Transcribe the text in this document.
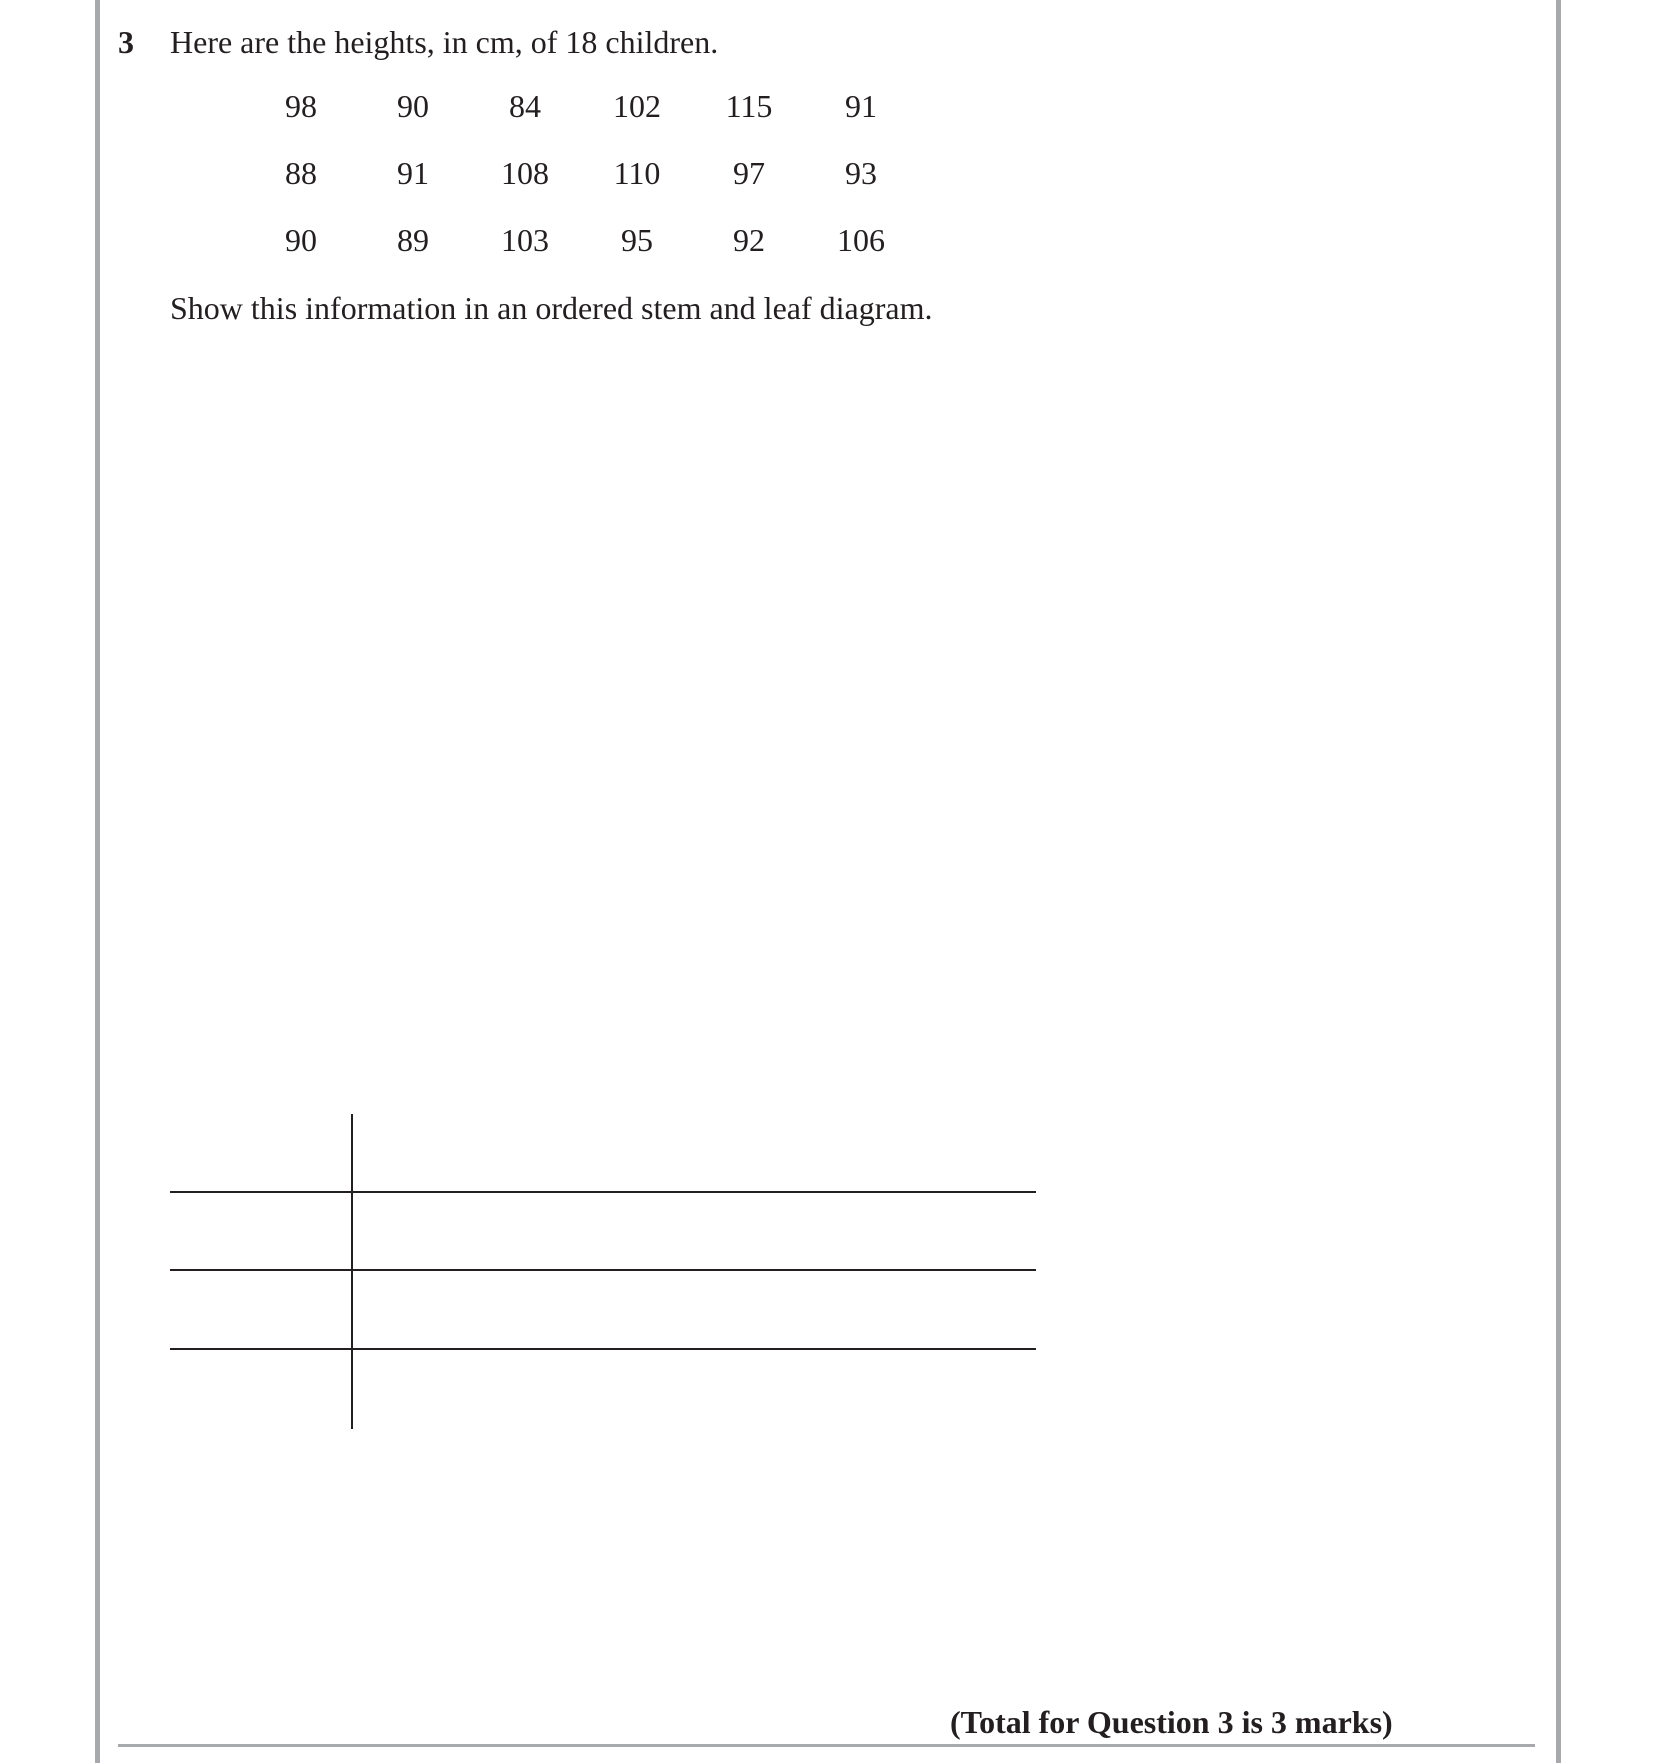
3 Here are the heights, in cm, of 18 children.
98	90	84	102	115	91
88	91	108	110	97	93
90	89	103	95	92	106
Show this information in an ordered stem and leaf diagram.
(Total for Question 3 is 3 marks)
